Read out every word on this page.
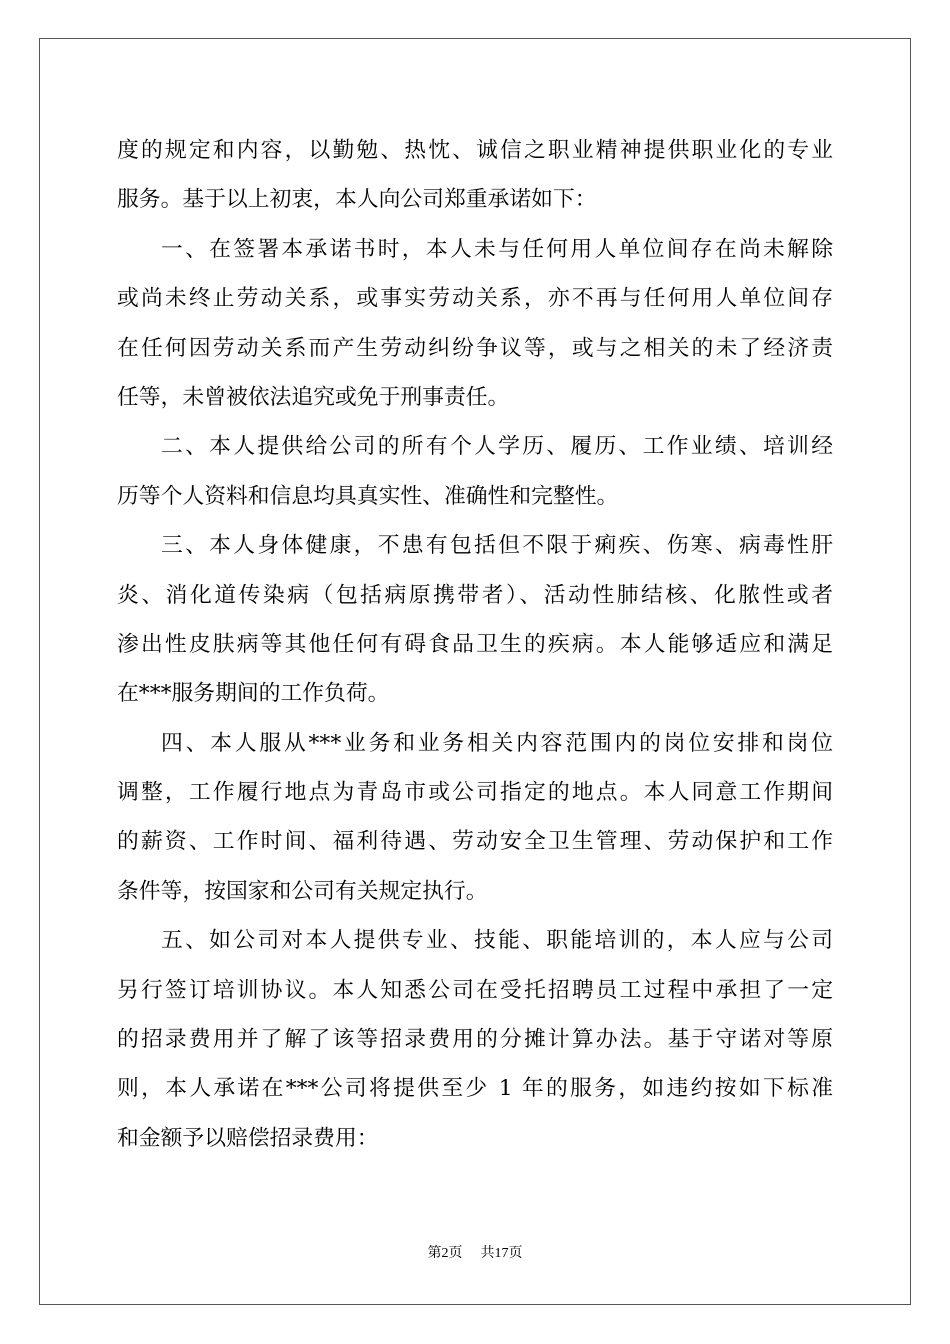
度的规定和内容，以勤勉、热忱、诚信之职业精神提供职业化的专业
服务。基于以上初衷，本人向公司郑重承诺如下：
一、在签署本承诺书时，本人未与任何用人单位间存在尚未解除
或尚未终止劳动关系，或事实劳动关系，亦不再与任何用人单位间存
在任何因劳动关系而产生劳动纠纷争议等，或与之相关的未了经济责
任等，未曾被依法追究或免于刑事责任。
二、本人提供给公司的所有个人学历、履历、工作业绩、培训经
历等个人资料和信息均具真实性、准确性和完整性。
三、本人身体健康，不患有包括但不限于痢疾、伤寒、病毒性肝
炎、消化道传染病（包括病原携带者）、活动性肺结核、化脓性或者
渗出性皮肤病等其他任何有碍食品卫生的疾病。本人能够适应和满足
在***服务期间的工作负荷。
四、本人服从***业务和业务相关内容范围内的岗位安排和岗位
调整，工作履行地点为青岛市或公司指定的地点。本人同意工作期间
的薪资、工作时间、福利待遇、劳动安全卫生管理、劳动保护和工作
条件等，按国家和公司有关规定执行。
五、如公司对本人提供专业、技能、职能培训的，本人应与公司
另行签订培训协议。本人知悉公司在受托招聘员工过程中承担了一定
的招录费用并了解了该等招录费用的分摊计算办法。基于守诺对等原
则，本人承诺在***公司将提供至少 1 年的服务，如违约按如下标准
和金额予以赔偿招录费用：
第2页 共17页
